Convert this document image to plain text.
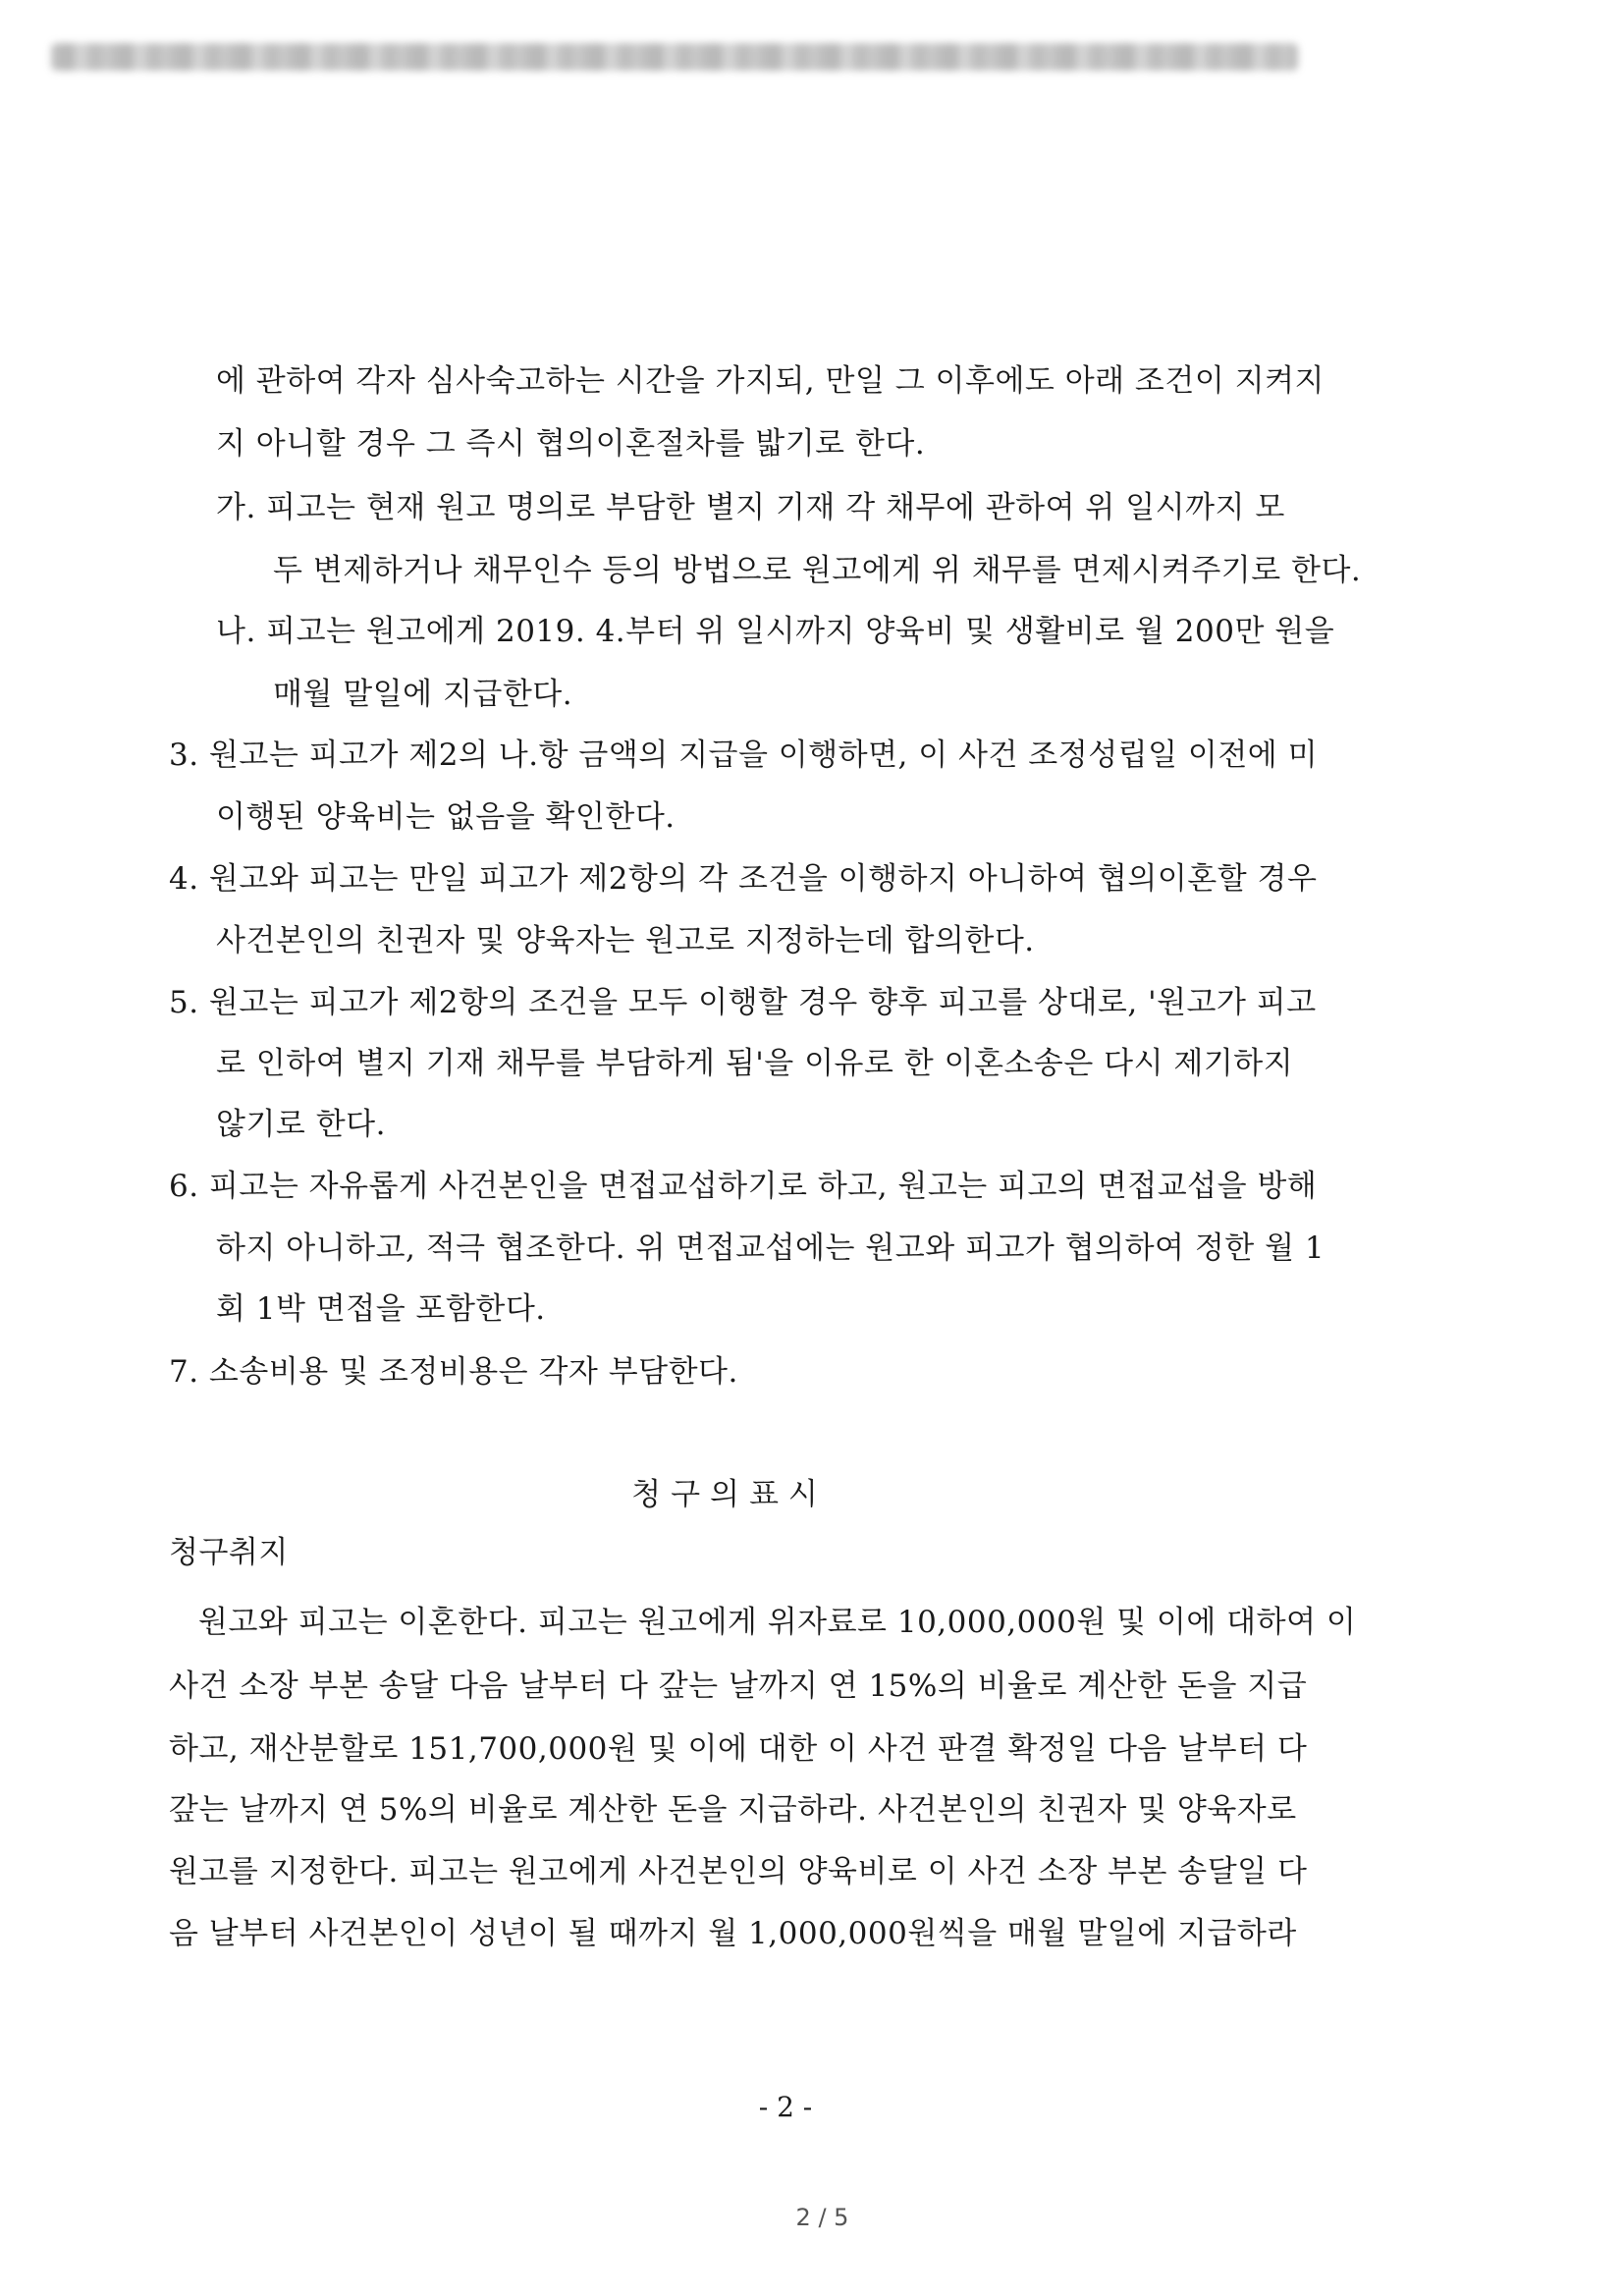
에 관하여 각자 심사숙고하는 시간을 가지되, 만일 그 이후에도 아래 조건이 지켜지
지 아니할 경우 그 즉시 협의이혼절차를 밟기로 한다.
가. 피고는 현재 원고 명의로 부담한 별지 기재 각 채무에 관하여 위 일시까지 모
두 변제하거나 채무인수 등의 방법으로 원고에게 위 채무를 면제시켜주기로 한다.
나. 피고는 원고에게 2019. 4.부터 위 일시까지 양육비 및 생활비로 월 200만 원을
매월 말일에 지급한다.
3. 원고는 피고가 제2의 나.항 금액의 지급을 이행하면, 이 사건 조정성립일 이전에 미
이행된 양육비는 없음을 확인한다.
4. 원고와 피고는 만일 피고가 제2항의 각 조건을 이행하지 아니하여 협의이혼할 경우
사건본인의 친권자 및 양육자는 원고로 지정하는데 합의한다.
5. 원고는 피고가 제2항의 조건을 모두 이행할 경우 향후 피고를 상대로, '원고가 피고
로 인하여 별지 기재 채무를 부담하게 됨'을 이유로 한 이혼소송은 다시 제기하지
않기로 한다.
6. 피고는 자유롭게 사건본인을 면접교섭하기로 하고, 원고는 피고의 면접교섭을 방해
하지 아니하고, 적극 협조한다. 위 면접교섭에는 원고와 피고가 협의하여 정한 월 1
회 1박 면접을 포함한다.
7. 소송비용 및 조정비용은 각자 부담한다.
청구의표시
청구취지
원고와 피고는 이혼한다. 피고는 원고에게 위자료로 10,000,000원 및 이에 대하여 이
사건 소장 부본 송달 다음 날부터 다 갚는 날까지 연 15%의 비율로 계산한 돈을 지급
하고, 재산분할로 151,700,000원 및 이에 대한 이 사건 판결 확정일 다음 날부터 다
갚는 날까지 연 5%의 비율로 계산한 돈을 지급하라. 사건본인의 친권자 및 양육자로
원고를 지정한다. 피고는 원고에게 사건본인의 양육비로 이 사건 소장 부본 송달일 다
음 날부터 사건본인이 성년이 될 때까지 월 1,000,000원씩을 매월 말일에 지급하라
- 2 -
2 / 5
